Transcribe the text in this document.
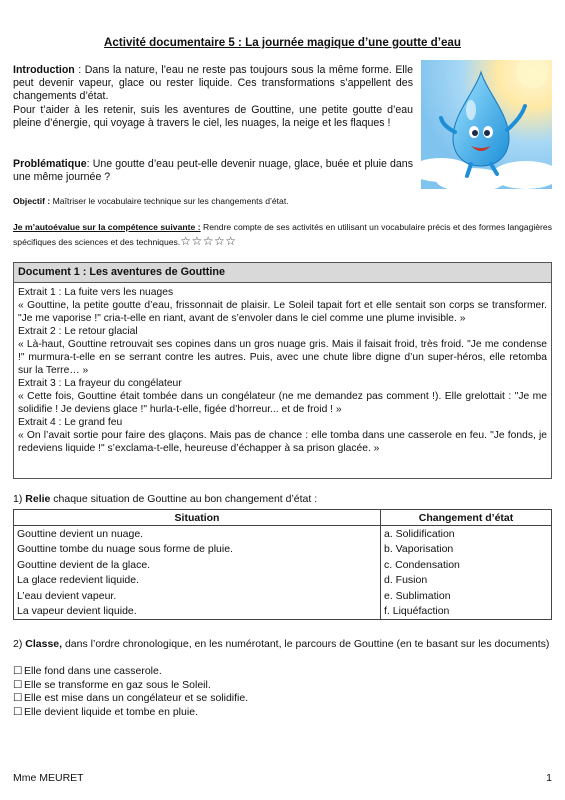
Activité documentaire 5 : La journée magique d’une goutte d’eau

Introduction : Dans la nature, l’eau ne reste pas toujours sous la même forme. Elle peut devenir vapeur, glace ou rester liquide. Ces transformations s’appellent des changements d’état.

Pour t’aider à les retenir, suis les aventures de Gouttine, une petite goutte d’eau pleine d’énergie, qui voyage à travers le ciel, les nuages, la neige et les flaques !

Problématique: Une goutte d’eau peut-elle devenir nuage, glace, buée et pluie dans une même journée ?
Objectif : Maîtriser le vocabulaire technique sur les changements d’état.
Je m’autoévalue sur la compétence suivante : Rendre compte de ses activités en utilisant un vocabulaire précis et des formes langagières spécifiques des sciences et des techniques.☆☆☆☆☆
Document 1 : Les aventures de Gouttine

Extrait 1 : La fuite vers les nuages

« Gouttine, la petite goutte d’eau, frissonnait de plaisir. Le Soleil tapait fort et elle sentait son corps se transformer. "Je me vaporise !" cria-t-elle en riant, avant de s’envoler dans le ciel comme une plume invisible. »

Extrait 2 : Le retour glacial

« Là-haut, Gouttine retrouvait ses copines dans un gros nuage gris. Mais il faisait froid, très froid. "Je me condense !" murmura-t-elle en se serrant contre les autres. Puis, avec une chute libre digne d’un super-héros, elle retomba sur la Terre… »

Extrait 3 : La frayeur du congélateur

« Cette fois, Gouttine était tombée dans un congélateur (ne me demandez pas comment !). Elle grelottait : "Je me solidifie ! Je deviens glace !" hurla-t-elle, figée d’horreur... et de froid ! »

Extrait 4 : Le grand feu

« On l’avait sortie pour faire des glaçons. Mais pas de chance : elle tomba dans une casserole en feu. "Je fonds, je redeviens liquide !" s’exclama-t-elle, heureuse d’échapper à sa prison glacée. »

1) Relie chaque situation de Gouttine au bon changement d’état :
Situation	Changement d’état
Gouttine devient un nuage.	a. Solidification
Gouttine tombe du nuage sous forme de pluie.	b. Vaporisation
Gouttine devient de la glace.	c. Condensation
La glace redevient liquide.	d. Fusion
L’eau devient vapeur.	e. Sublimation
La vapeur devient liquide.	f. Liquéfaction
2) Classe, dans l’ordre chronologique, en les numérotant, le parcours de Gouttine (en te basant sur les documents)
☐ Elle fond dans une casserole.
☐ Elle se transforme en gaz sous le Soleil.
☐ Elle est mise dans un congélateur et se solidifie.
☐ Elle devient liquide et tombe en pluie.
Mme MEURET	1
